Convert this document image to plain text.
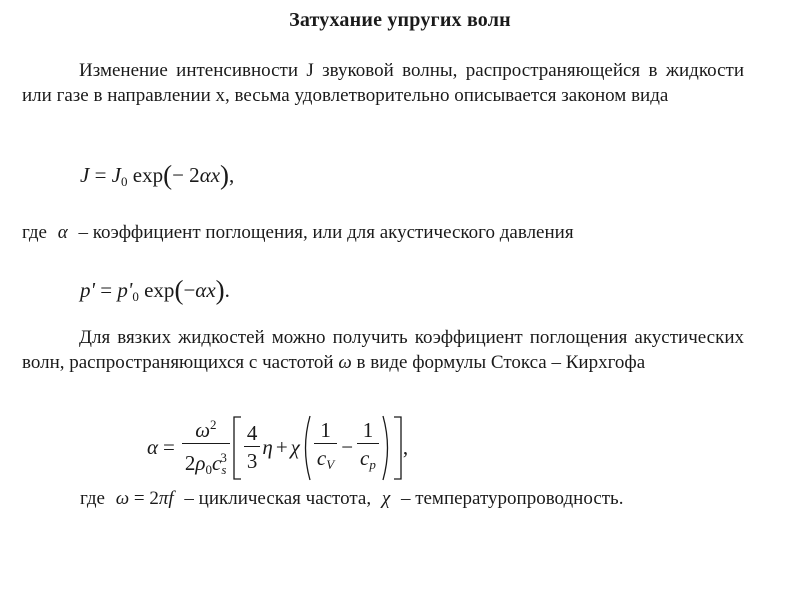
Затухание упругих волн
Изменение интенсивности J звуковой волны, распространяющейся в жидкости или газе в направлении x, весьма удовлетворительно описывается законом вида
$J = J_0$ exp(− 2αx),
где α – коэффициент поглощения, или для акустического давления
$p' = p'_0$ exp(−αx).
Для вязких жидкостей можно получить коэффициент поглощения акустических волн, распространяющихся с частотой ω в виде формулы Стокса – Кирхгофа
$\alpha = \frac{\omega^2}{2\rho_0c_s^3} \frac{4}{3}$ η + χ $\frac{1}{c_V} - \frac{1}{c_p}$ ,
где ω = 2πf – циклическая частота, χ – температуропроводность.
